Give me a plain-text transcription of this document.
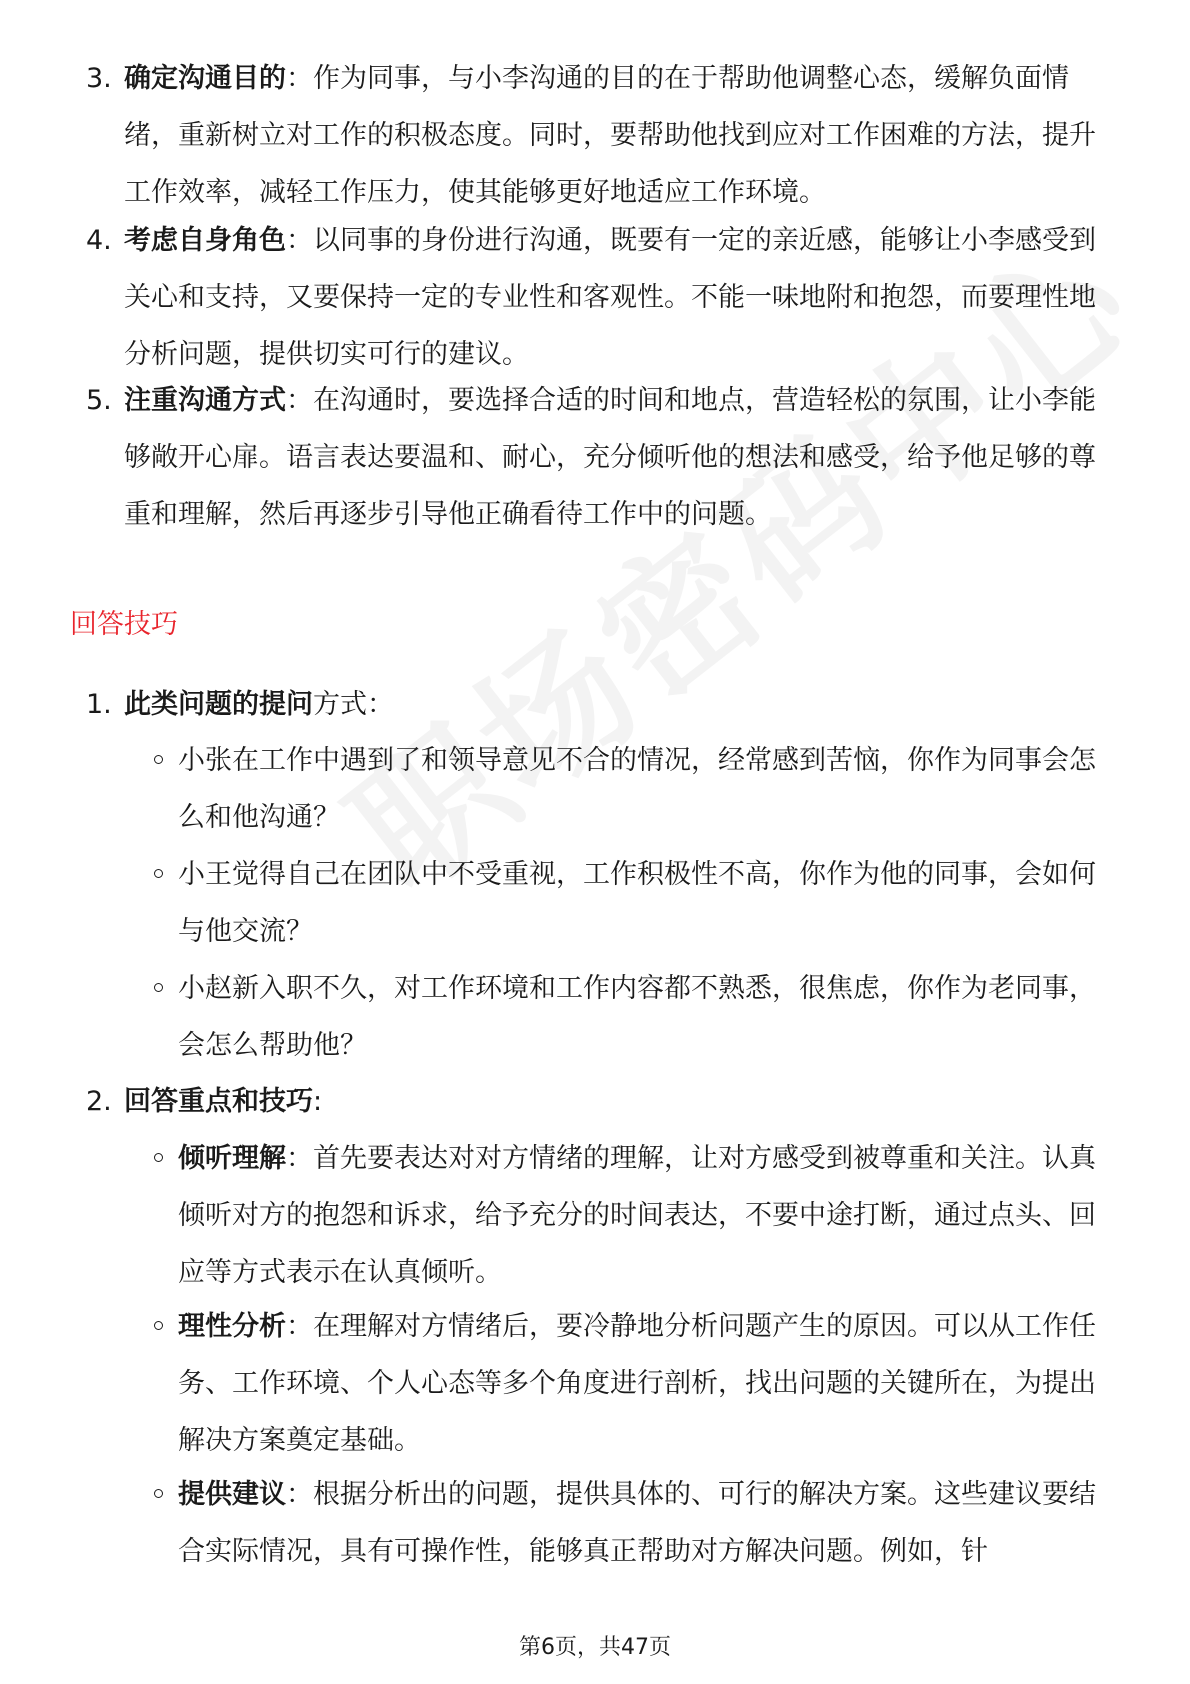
3. 确定沟通目的：作为同事，与小李沟通的目的在于帮助他调整心态，缓解负面情绪，重新树立对工作的积极态度。同时，要帮助他找到应对工作困难的方法，提升工作效率，减轻工作压力，使其能够更好地适应工作环境。
4. 考虑自身角色：以同事的身份进行沟通，既要有一定的亲近感，能够让小李感受到关心和支持，又要保持一定的专业性和客观性。不能一味地附和抱怨，而要理性地分析问题，提供切实可行的建议。
5. 注重沟通方式：在沟通时，要选择合适的时间和地点，营造轻松的氛围，让小李能够敞开心扉。语言表达要温和、耐心，充分倾听他的想法和感受，给予他足够的尊重和理解，然后再逐步引导他正确看待工作中的问题。
回答技巧
1. 此类问题的提问方式：
小张在工作中遇到了和领导意见不合的情况，经常感到苦恼，你作为同事会怎么和他沟通？
小王觉得自己在团队中不受重视，工作积极性不高，你作为他的同事，会如何与他交流？
小赵新入职不久，对工作环境和工作内容都不熟悉，很焦虑，你作为老同事，会怎么帮助他？
2. 回答重点和技巧:
倾听理解：首先要表达对对方情绪的理解，让对方感受到被尊重和关注。认真倾听对方的抱怨和诉求，给予充分的时间表达，不要中途打断，通过点头、回应等方式表示在认真倾听。
理性分析：在理解对方情绪后，要冷静地分析问题产生的原因。可以从工作任务、工作环境、个人心态等多个角度进行剖析，找出问题的关键所在，为提出解决方案奠定基础。
提供建议：根据分析出的问题，提供具体的、可行的解决方案。这些建议要结合实际情况，具有可操作性，能够真正帮助对方解决问题。例如，针
第6页，共47页
